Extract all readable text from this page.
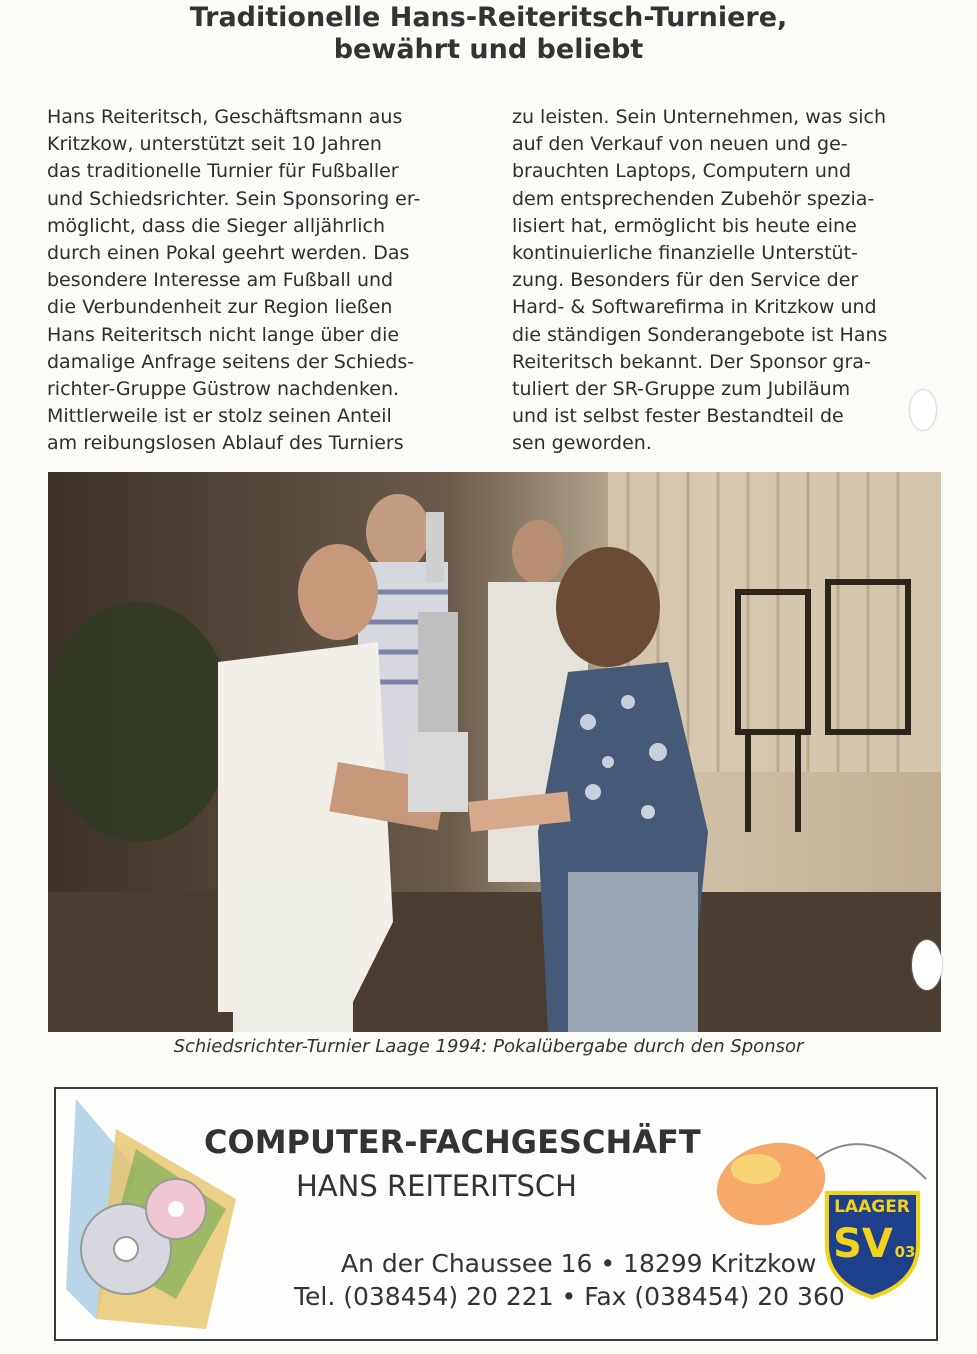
Traditionelle Hans-Reiteritsch-Turniere,
bewährt und beliebt
Hans Reiteritsch, Geschäftsmann aus
Kritzkow, unterstützt seit 10 Jahren
das traditionelle Turnier für Fußballer
und Schiedsrichter. Sein Sponsoring er-
möglicht, dass die Sieger alljährlich
durch einen Pokal geehrt werden. Das
besondere Interesse am Fußball und
die Verbundenheit zur Region ließen
Hans Reiteritsch nicht lange über die
damalige Anfrage seitens der Schieds-
richter-Gruppe Güstrow nachdenken.
Mittlerweile ist er stolz seinen Anteil
am reibungslosen Ablauf des Turniers
zu leisten. Sein Unternehmen, was sich
auf den Verkauf von neuen und ge-
brauchten Laptops, Computern und
dem entsprechenden Zubehör spezia-
lisiert hat, ermöglicht bis heute eine
kontinuierliche finanzielle Unterstüt-
zung. Besonders für den Service der
Hard- & Softwarefirma in Kritzkow und
die ständigen Sonderangebote ist Hans
Reiteritsch bekannt. Der Sponsor gra-
tuliert der SR-Gruppe zum Jubiläum
und ist selbst fester Bestandteil de
sen geworden.
Schiedsrichter-Turnier Laage 1994: Pokalübergabe durch den Sponsor
COMPUTER-FACHGESCHÄFT
HANS REITERITSCH
An der Chaussee 16 • 18299 Kritzkow
Tel. (038454) 20 221 • Fax (038454) 20 360
LAAGER
SV 03
